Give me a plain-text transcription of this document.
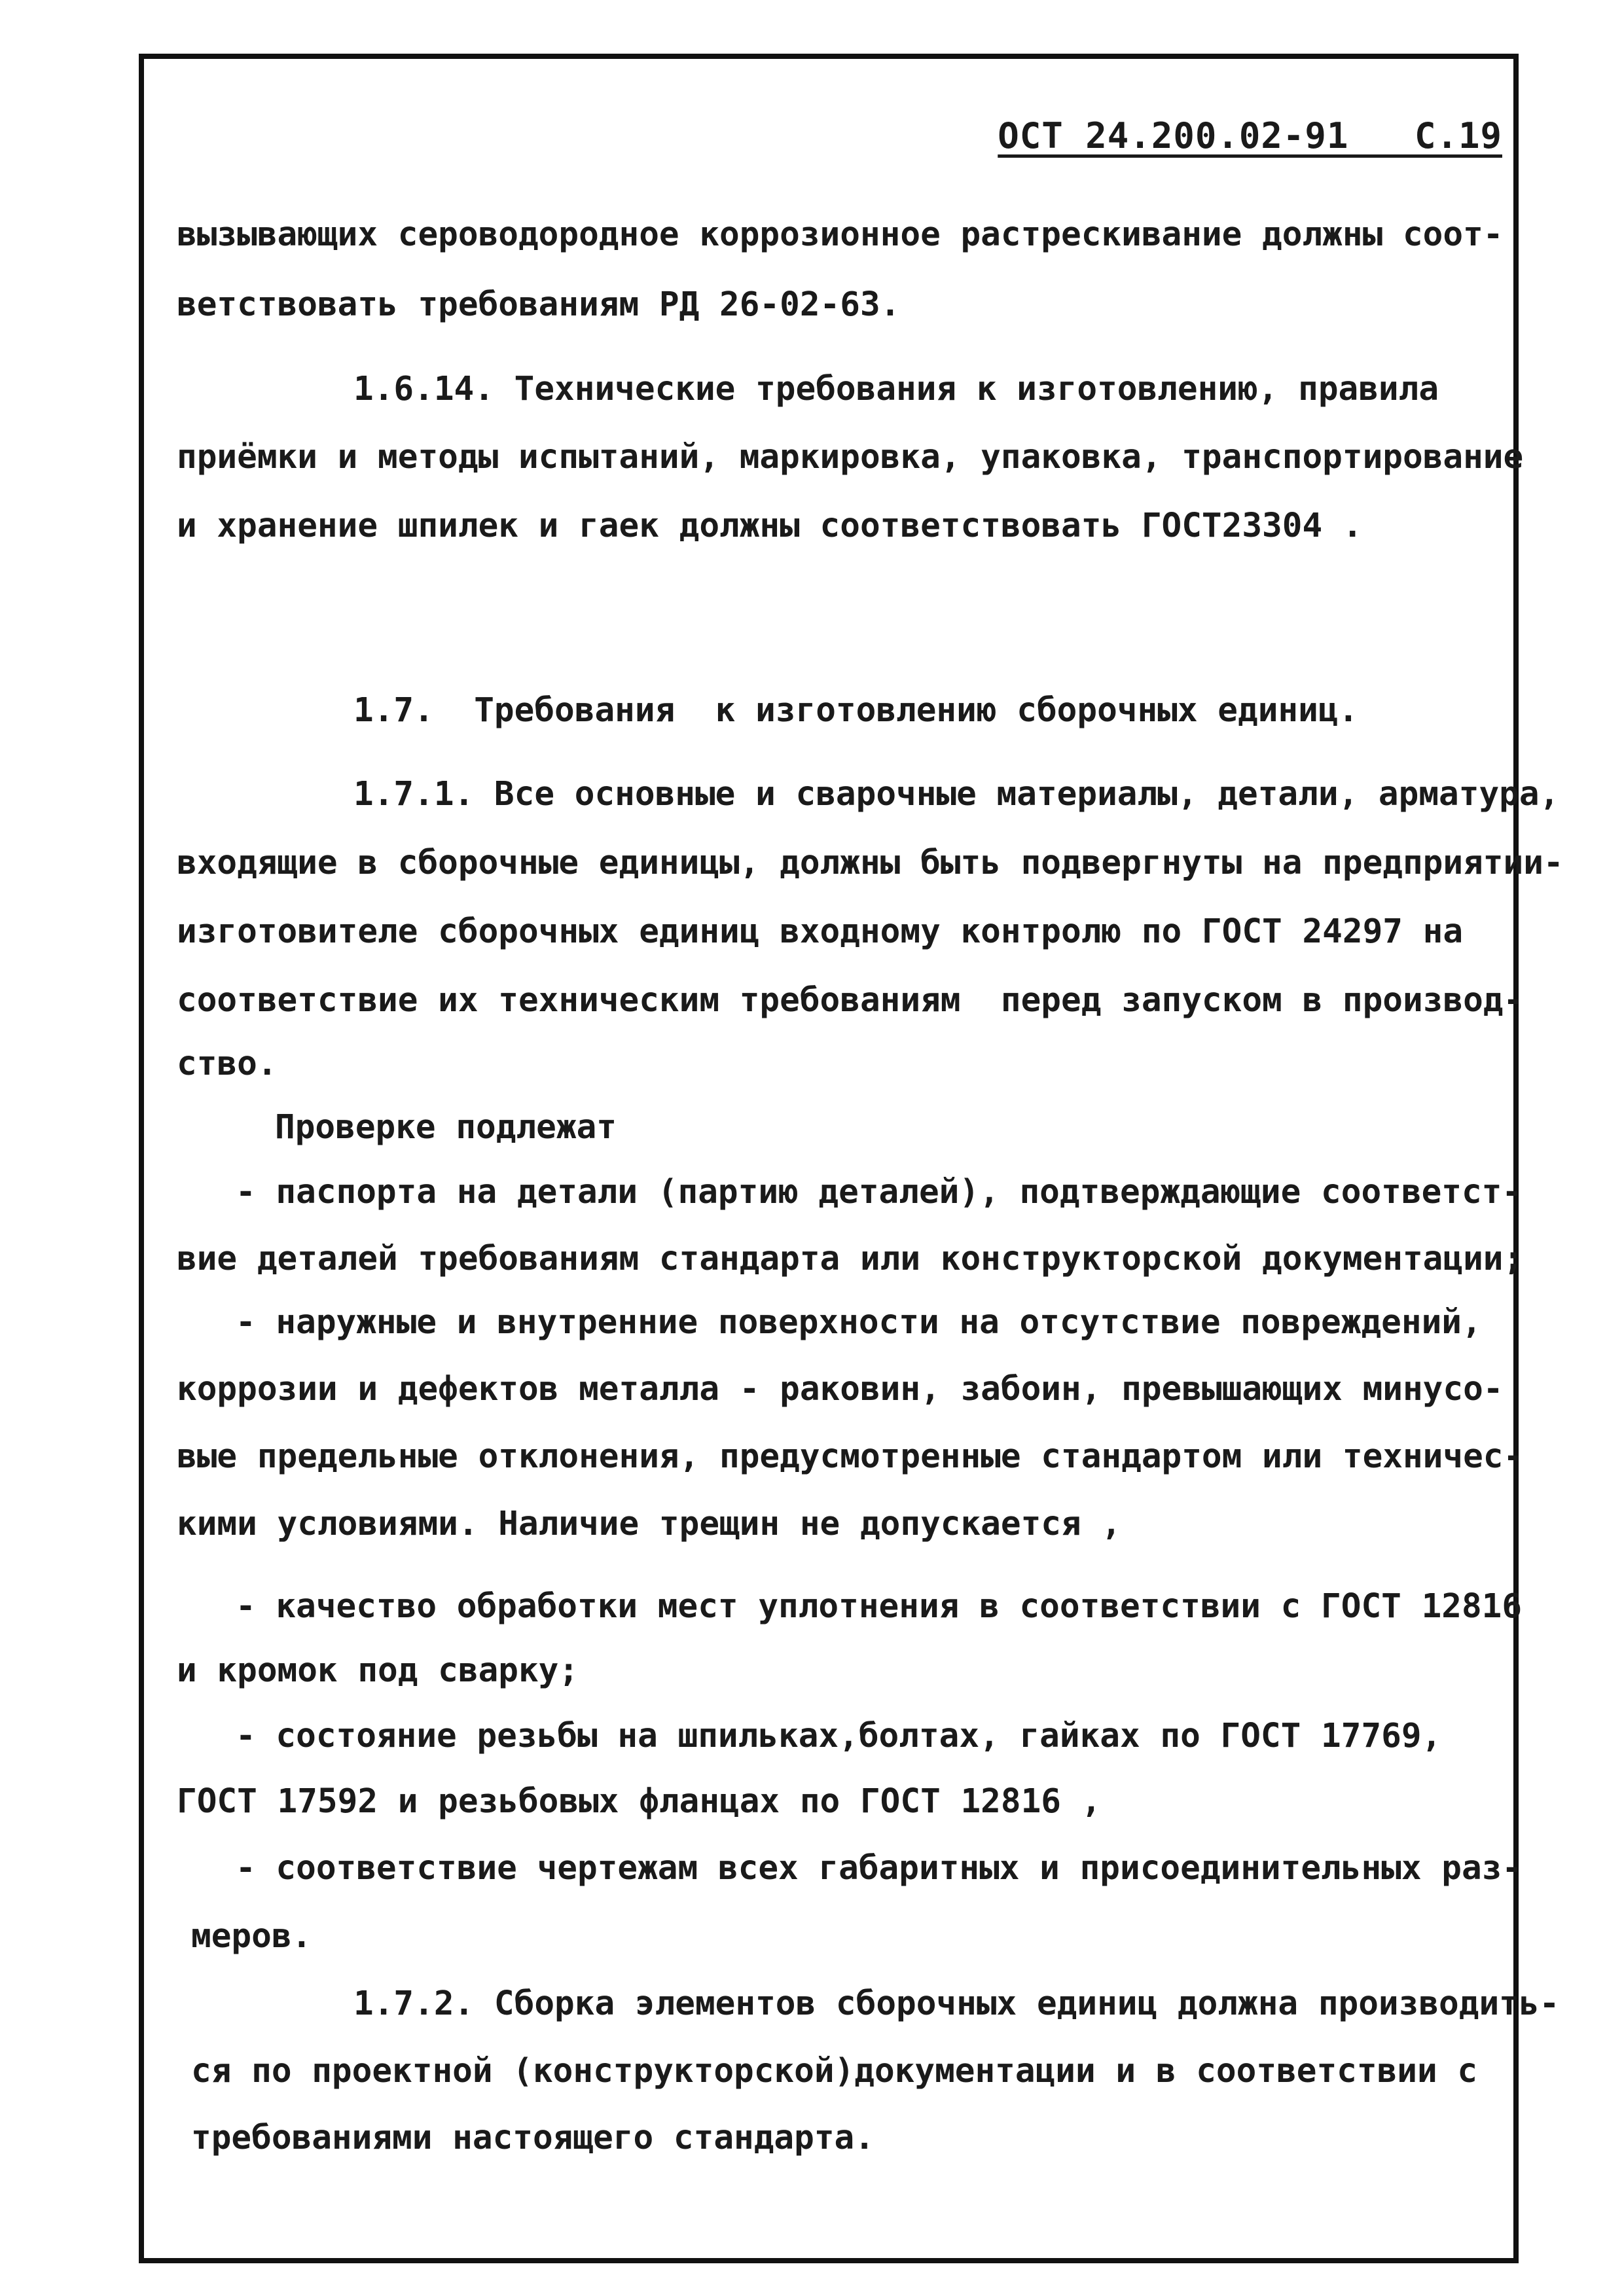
ОСТ 24.200.02-91   С.19
вызывающих сероводородное коррозионное растрескивание должны соот-
ветствовать требованиям РД 26-02-63.
1.6.14. Технические требования к изготовлению, правила
приёмки и методы испытаний, маркировка, упаковка, транспортирование
и хранение шпилек и гаек должны соответствовать ГОСТ23304 .
1.7.  Требования  к изготовлению сборочных единиц.
1.7.1. Все основные и сварочные материалы, детали, арматура,
входящие в сборочные единицы, должны быть подвергнуты на предприятии-
изготовителе сборочных единиц входному контролю по ГОСТ 24297 на
соответствие их техническим требованиям  перед запуском в производ-
ство.
Проверке подлежат
- паспорта на детали (партию деталей), подтверждающие соответст-
вие деталей требованиям стандарта или конструкторской документации;
- наружные и внутренние поверхности на отсутствие повреждений,
коррозии и дефектов металла - раковин, забоин, превышающих минусо-
вые предельные отклонения, предусмотренные стандартом или техничес-
кими условиями. Наличие трещин не допускается ,
- качество обработки мест уплотнения в соответствии с ГОСТ 12816
и кромок под сварку;
- состояние резьбы на шпильках,болтах, гайках по ГОСТ 17769,
ГОСТ 17592 и резьбовых фланцах по ГОСТ 12816 ,
- соответствие чертежам всех габаритных и присоединительных раз-
меров.
1.7.2. Сборка элементов сборочных единиц должна производить-
ся по проектной (конструкторской)документации и в соответствии с
требованиями настоящего стандарта.
